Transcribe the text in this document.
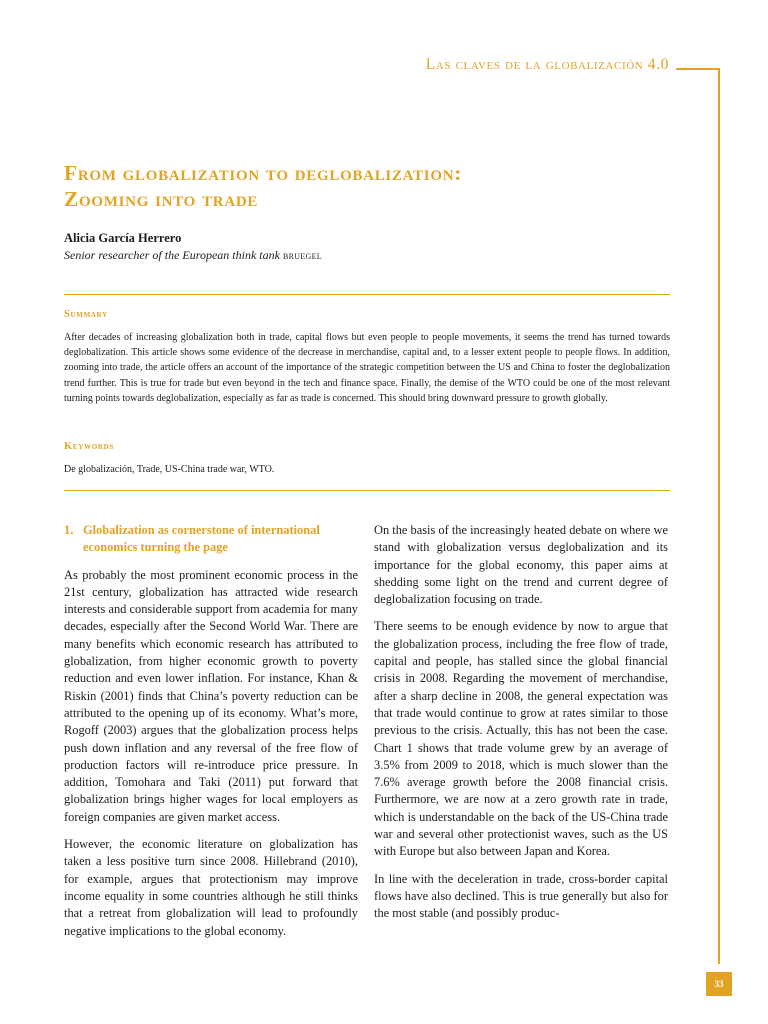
Las claves de la globalización 4.0
From globalization to deglobalization:
Zooming into trade
Alicia García Herrero
Senior researcher of the European think tank bruegel
Summary

After decades of increasing globalization both in trade, capital flows but even people to people movements, it seems the trend has turned towards deglobalization. This article shows some evidence of the decrease in merchandise, capital and, to a lesser extent people to people flows. In addition, zooming into trade, the article offers an account of the importance of the strategic competition between the US and China to foster the deglobalization trend further. This is true for trade but even beyond in the tech and finance space. Finally, the demise of the WTO could be one of the most relevant turning points towards deglobalization, especially as far as trade is concerned. This should bring downward pressure to growth globally.

Keywords

De globalización, Trade, US-China trade war, WTO.

1. Globalization as cornerstone of international economics turning the page

As probably the most prominent economic process in the 21st century, globalization has attracted wide research interests and considerable support from academia for many decades, especially after the Second World War. There are many benefits which economic research has attributed to globalization, from higher economic growth to poverty reduction and even lower inflation. For instance, Khan & Riskin (2001) finds that China’s poverty reduction can be attributed to the opening up of its economy. What’s more, Rogoff (2003) argues that the globalization process helps push down inflation and any reversal of the free flow of production factors will re-introduce price pressure. In addition, Tomohara and Taki (2011) put forward that globalization brings higher wages for local employers as foreign companies are given market access.

However, the economic literature on globalization has taken a less positive turn since 2008. Hillebrand (2010), for example, argues that protectionism may improve income equality in some countries although he still thinks that a retreat from globalization will lead to profoundly negative implications to the global economy.

On the basis of the increasingly heated debate on where we stand with globalization versus deglobalization and its importance for the global economy, this paper aims at shedding some light on the trend and current degree of deglobalization focusing on trade.

There seems to be enough evidence by now to argue that the globalization process, including the free flow of trade, capital and people, has stalled since the global financial crisis in 2008. Regarding the movement of merchandise, after a sharp decline in 2008, the general expectation was that trade would continue to grow at rates similar to those previous to the crisis. Actually, this has not been the case. Chart 1 shows that trade volume grew by an average of 3.5% from 2009 to 2018, which is much slower than the 7.6% average growth before the 2008 financial crisis. Furthermore, we are now at a zero growth rate in trade, which is understandable on the back of the US-China trade war and several other protectionist waves, such as the US with Europe but also between Japan and Korea.

In line with the deceleration in trade, cross-border capital flows have also declined. This is true generally but also for the most stable (and possibly produc-

33
